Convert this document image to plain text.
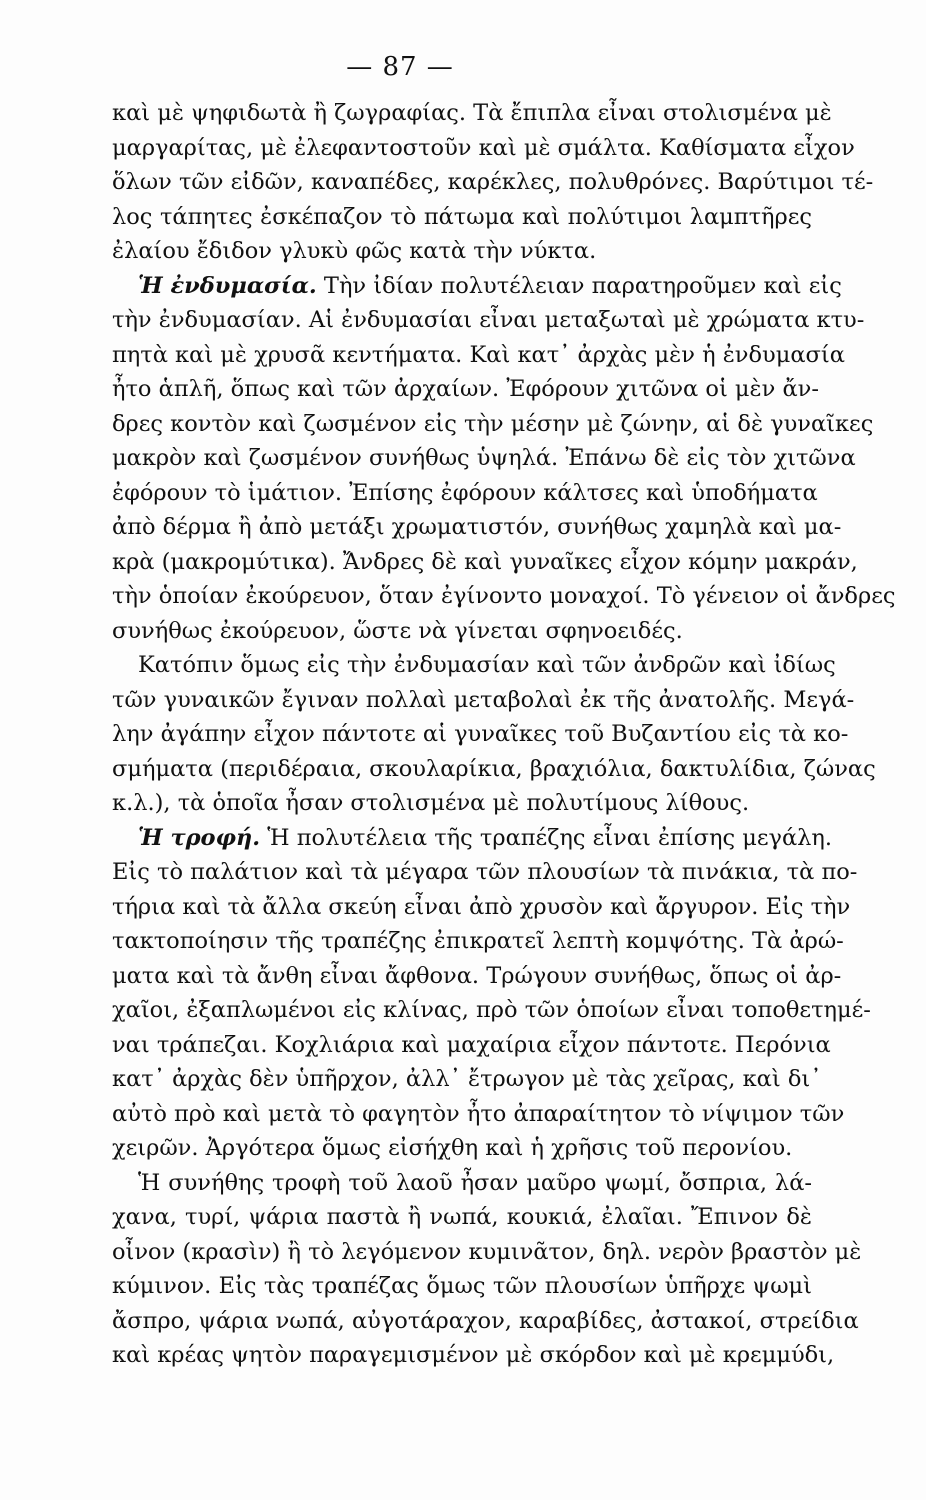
— 87 —
καὶ μὲ ψηφιδωτὰ ἢ ζωγραφίας. Τὰ ἔπιπλα εἶναι στολισμένα μὲ
μαργαρίτας, μὲ ἐλεφαντοστοῦν καὶ μὲ σμάλτα. Καθίσματα εἶχον
ὅλων τῶν εἰδῶν, καναπέδες, καρέκλες, πολυθρόνες. Βαρύτιμοι τέ-
λος τάπητες ἐσκέπαζον τὸ πάτωμα καὶ πολύτιμοι λαμπτῆρες
ἐλαίου ἔδιδον γλυκὺ φῶς κατὰ τὴν νύκτα.
Ἡ ἐνδυμασία. Τὴν ἰδίαν πολυτέλειαν παρατηροῦμεν καὶ εἰς
τὴν ἐνδυμασίαν. Αἱ ἐνδυμασίαι εἶναι μεταξωταὶ μὲ χρώματα κτυ-
πητὰ καὶ μὲ χρυσᾶ κεντήματα. Καὶ κατ᾽ ἀρχὰς μὲν ἡ ἐνδυμασία
ἦτο ἁπλῆ, ὅπως καὶ τῶν ἀρχαίων. Ἐφόρουν χιτῶνα οἱ μὲν ἄν-
δρες κοντὸν καὶ ζωσμένον εἰς τὴν μέσην μὲ ζώνην, αἱ δὲ γυναῖκες
μακρὸν καὶ ζωσμένον συνήθως ὑψηλά. Ἐπάνω δὲ εἰς τὸν χιτῶνα
ἐφόρουν τὸ ἱμάτιον. Ἐπίσης ἐφόρουν κάλτσες καὶ ὑποδήματα
ἀπὸ δέρμα ἢ ἀπὸ μετάξι χρωματιστόν, συνήθως χαμηλὰ καὶ μα-
κρὰ (μακρομύτικα). Ἄνδρες δὲ καὶ γυναῖκες εἶχον κόμην μακράν,
τὴν ὁποίαν ἐκούρευον, ὅταν ἐγίνοντο μοναχοί. Τὸ γένειον οἱ ἄνδρες
συνήθως ἐκούρευον, ὥστε νὰ γίνεται σφηνοειδές.
Κατόπιν ὅμως εἰς τὴν ἐνδυμασίαν καὶ τῶν ἀνδρῶν καὶ ἰδίως
τῶν γυναικῶν ἔγιναν πολλαὶ μεταβολαὶ ἐκ τῆς ἀνατολῆς. Μεγά-
λην ἀγάπην εἶχον πάντοτε αἱ γυναῖκες τοῦ Βυζαντίου εἰς τὰ κο-
σμήματα (περιδέραια, σκουλαρίκια, βραχιόλια, δακτυλίδια, ζώνας
κ.λ.), τὰ ὁποῖα ἦσαν στολισμένα μὲ πολυτίμους λίθους.
Ἡ τροφή. Ἡ πολυτέλεια τῆς τραπέζης εἶναι ἐπίσης μεγάλη.
Εἰς τὸ παλάτιον καὶ τὰ μέγαρα τῶν πλουσίων τὰ πινάκια, τὰ πο-
τήρια καὶ τὰ ἄλλα σκεύη εἶναι ἀπὸ χρυσὸν καὶ ἄργυρον. Εἰς τὴν
τακτοποίησιν τῆς τραπέζης ἐπικρατεῖ λεπτὴ κομψότης. Τὰ ἀρώ-
ματα καὶ τὰ ἄνθη εἶναι ἄφθονα. Τρώγουν συνήθως, ὅπως οἱ ἀρ-
χαῖοι, ἐξαπλωμένοι εἰς κλίνας, πρὸ τῶν ὁποίων εἶναι τοποθετημέ-
ναι τράπεζαι. Κοχλιάρια καὶ μαχαίρια εἶχον πάντοτε. Περόνια
κατ᾽ ἀρχὰς δὲν ὑπῆρχον, ἀλλ᾽ ἔτρωγον μὲ τὰς χεῖρας, καὶ δι᾽
αὐτὸ πρὸ καὶ μετὰ τὸ φαγητὸν ἦτο ἀπαραίτητον τὸ νίψιμον τῶν
χειρῶν. Ἀργότερα ὅμως εἰσήχθη καὶ ἡ χρῆσις τοῦ περονίου.
Ἡ συνήθης τροφὴ τοῦ λαοῦ ἦσαν μαῦρο ψωμί, ὄσπρια, λά-
χανα, τυρί, ψάρια παστὰ ἢ νωπά, κουκιά, ἐλαῖαι. Ἔπινον δὲ
οἶνον (κρασὶν) ἢ τὸ λεγόμενον κυμινᾶτον, δηλ. νερὸν βραστὸν μὲ
κύμινον. Εἰς τὰς τραπέζας ὅμως τῶν πλουσίων ὑπῆρχε ψωμὶ
ἄσπρο, ψάρια νωπά, αὐγοτάραχον, καραβίδες, ἀστακοί, στρείδια
καὶ κρέας ψητὸν παραγεμισμένον μὲ σκόρδον καὶ μὲ κρεμμύδι,
